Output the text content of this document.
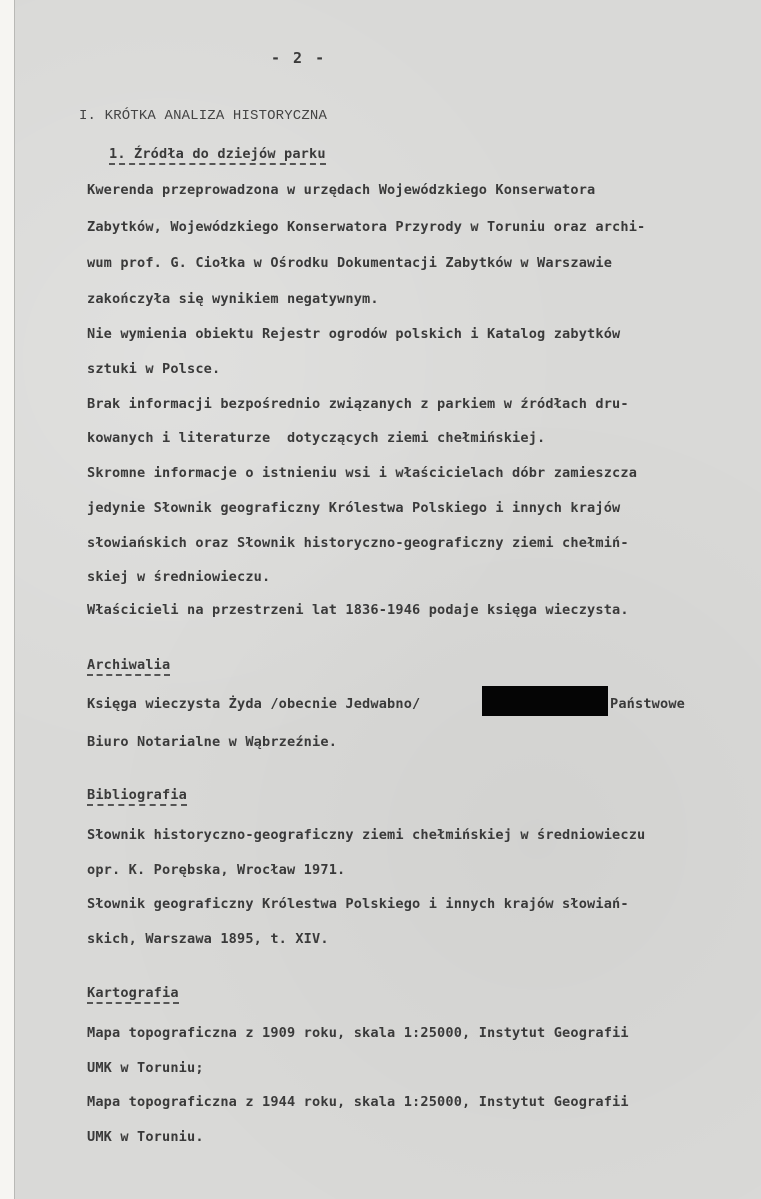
- 2 -
I. KRÓTKA ANALIZA HISTORYCZNA
1. Źródła do dziejów parku
Kwerenda przeprowadzona w urzędach Wojewódzkiego Konserwatora
Zabytków, Wojewódzkiego Konserwatora Przyrody w Toruniu oraz archi-
wum prof. G. Ciołka w Ośrodku Dokumentacji Zabytków w Warszawie
zakończyła się wynikiem negatywnym.
Nie wymienia obiektu Rejestr ogrodów polskich i Katalog zabytków
sztuki w Polsce.
Brak informacji bezpośrednio związanych z parkiem w źródłach dru-
kowanych i literaturze  dotyczących ziemi chełmińskiej.
Skromne informacje o istnieniu wsi i właścicielach dóbr zamieszcza
jedynie Słownik geograficzny Królestwa Polskiego i innych krajów
słowiańskich oraz Słownik historyczno-geograficzny ziemi chełmiń-
skiej w średniowieczu.
Właścicieli na przestrzeni lat 1836-1946 podaje księga wieczysta.
Archiwalia
Księga wieczysta Żyda /obecnie Jedwabno/	Państwowe
Biuro Notarialne w Wąbrzeźnie.
Bibliografia
Słownik historyczno-geograficzny ziemi chełmińskiej w średniowieczu
opr. K. Porębska, Wrocław 1971.
Słownik geograficzny Królestwa Polskiego i innych krajów słowiań-
skich, Warszawa 1895, t. XIV.
Kartografia
Mapa topograficzna z 1909 roku, skala 1:25000, Instytut Geografii
UMK w Toruniu;
Mapa topograficzna z 1944 roku, skala 1:25000, Instytut Geografii
UMK w Toruniu.
